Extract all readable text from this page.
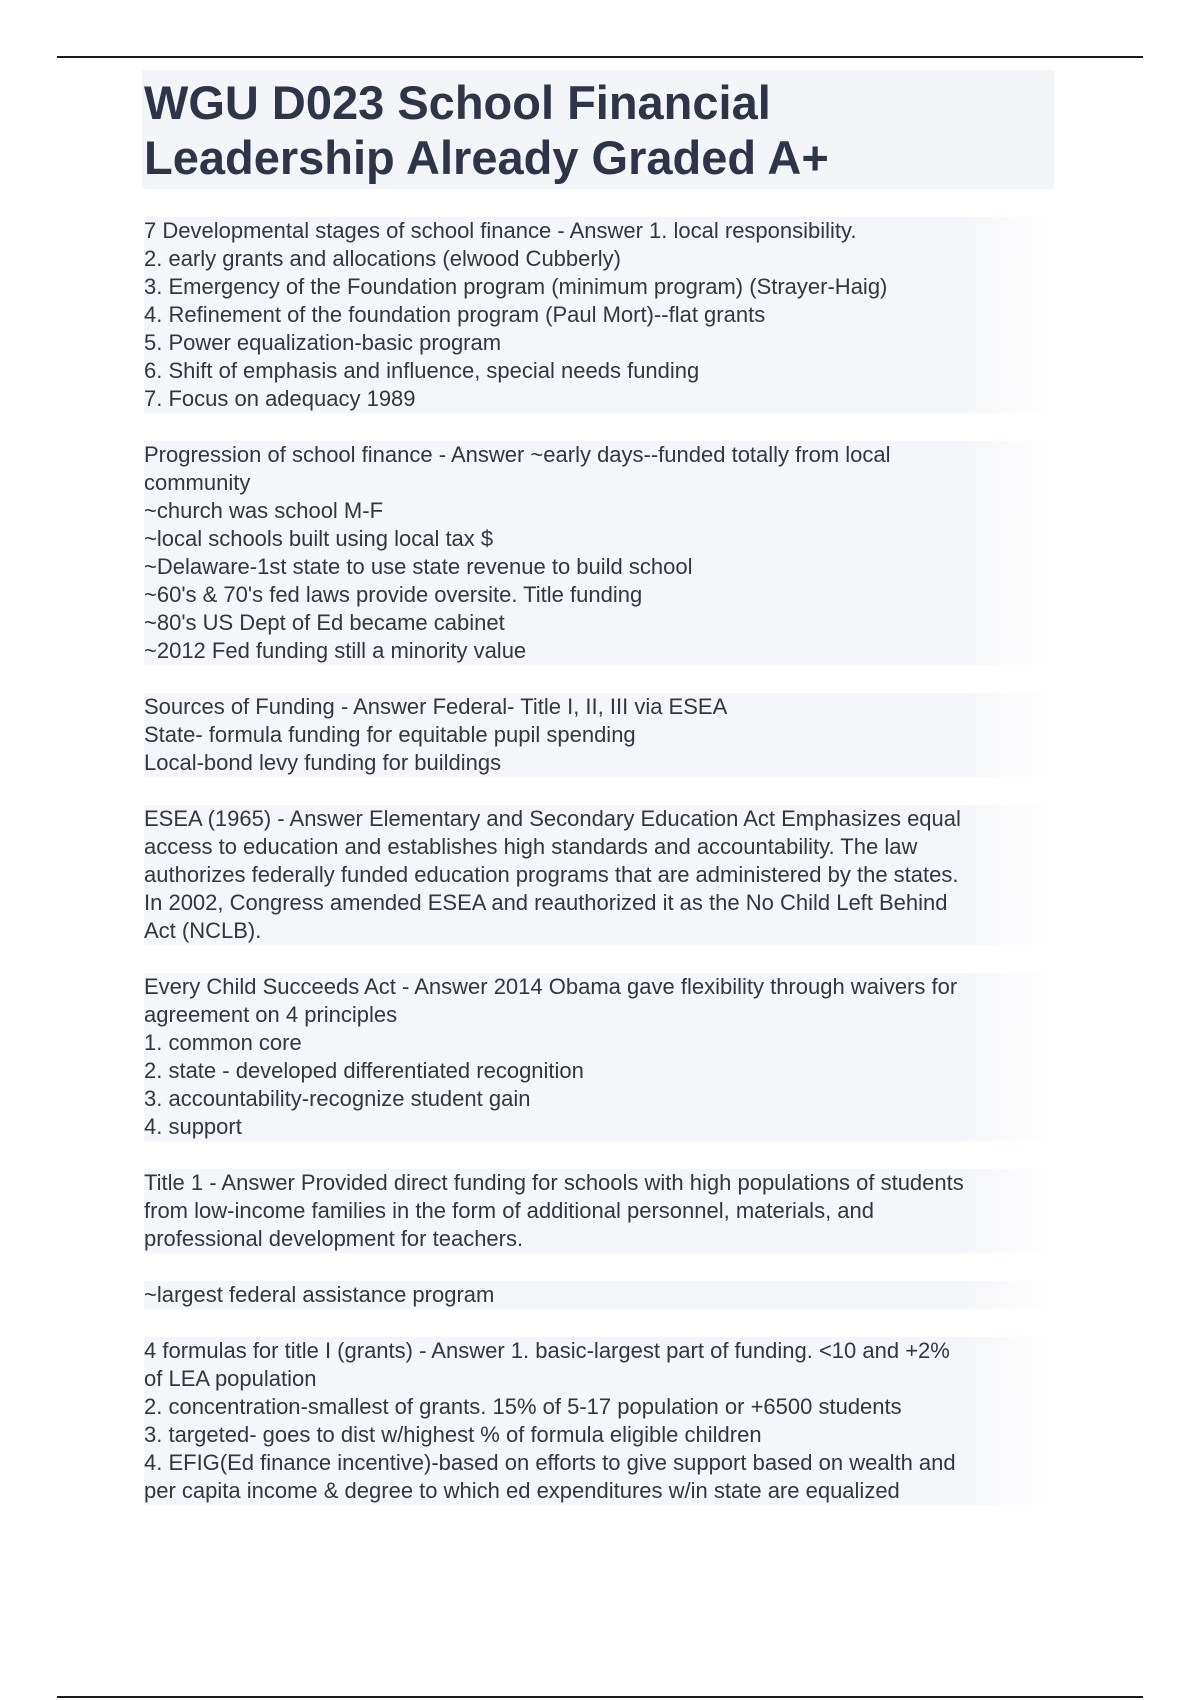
WGU D023 School Financial
Leadership Already Graded A+
7 Developmental stages of school finance - Answer 1. local responsibility.
2. early grants and allocations (elwood Cubberly)
3. Emergency of the Foundation program (minimum program) (Strayer-Haig)
4. Refinement of the foundation program (Paul Mort)--flat grants
5. Power equalization-basic program
6. Shift of emphasis and influence, special needs funding
7. Focus on adequacy 1989
Progression of school finance - Answer ~early days--funded totally from local
community
~church was school M-F
~local schools built using local tax $
~Delaware-1st state to use state revenue to build school
~60's & 70's fed laws provide oversite. Title funding
~80's US Dept of Ed became cabinet
~2012 Fed funding still a minority value
Sources of Funding - Answer Federal- Title I, II, III via ESEA
State- formula funding for equitable pupil spending
Local-bond levy funding for buildings
ESEA (1965) - Answer Elementary and Secondary Education Act Emphasizes equal
access to education and establishes high standards and accountability. The law
authorizes federally funded education programs that are administered by the states.
In 2002, Congress amended ESEA and reauthorized it as the No Child Left Behind
Act (NCLB).
Every Child Succeeds Act - Answer 2014 Obama gave flexibility through waivers for
agreement on 4 principles
1. common core
2. state - developed differentiated recognition
3. accountability-recognize student gain
4. support
Title 1 - Answer Provided direct funding for schools with high populations of students
from low-income families in the form of additional personnel, materials, and
professional development for teachers.
~largest federal assistance program
4 formulas for title I (grants) - Answer 1. basic-largest part of funding. <10 and +2%
of LEA population
2. concentration-smallest of grants. 15% of 5-17 population or +6500 students
3. targeted- goes to dist w/highest % of formula eligible children
4. EFIG(Ed finance incentive)-based on efforts to give support based on wealth and
per capita income & degree to which ed expenditures w/in state are equalized
